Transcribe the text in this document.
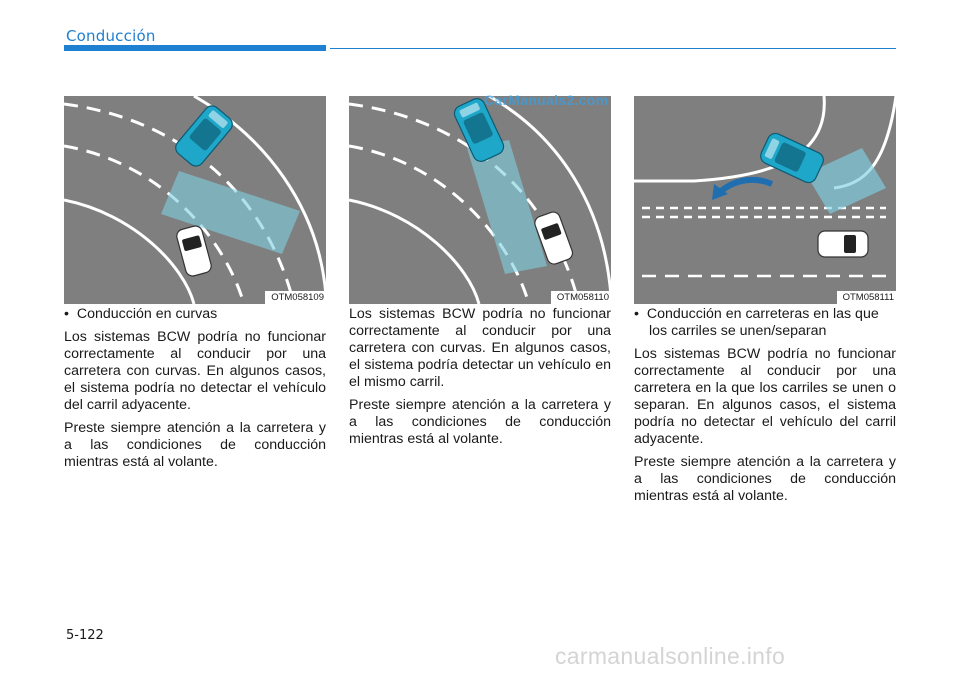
Conducción
OTM058109	OTM058110	OTM058111
CarManuals2.com

•  Conducción en curvas

Los sistemas BCW podría no funcionar correctamente al conducir por una carretera con curvas. En algunos casos, el sistema podría no detectar el vehículo del carril adyacente.

Preste siempre atención a la carretera y a las condiciones de conducción mientras está al volante.

Los sistemas BCW podría no funcionar correctamente al conducir por una carretera con curvas. En algunos casos, el sistema podría detectar un vehículo en el mismo carril.

Preste siempre atención a la carretera y a las condiciones de conducción mientras está al volante.

•  Conducción en carreteras en las que los carriles se unen/separan

Los sistemas BCW podría no funcionar correctamente al conducir por una carretera en la que los carriles se unen o separan. En algunos casos, el sistema podría no detectar el vehículo del carril adyacente.

Preste siempre atención a la carretera y a las condiciones de conducción mientras está al volante.

5-122
carmanualsonline.info
